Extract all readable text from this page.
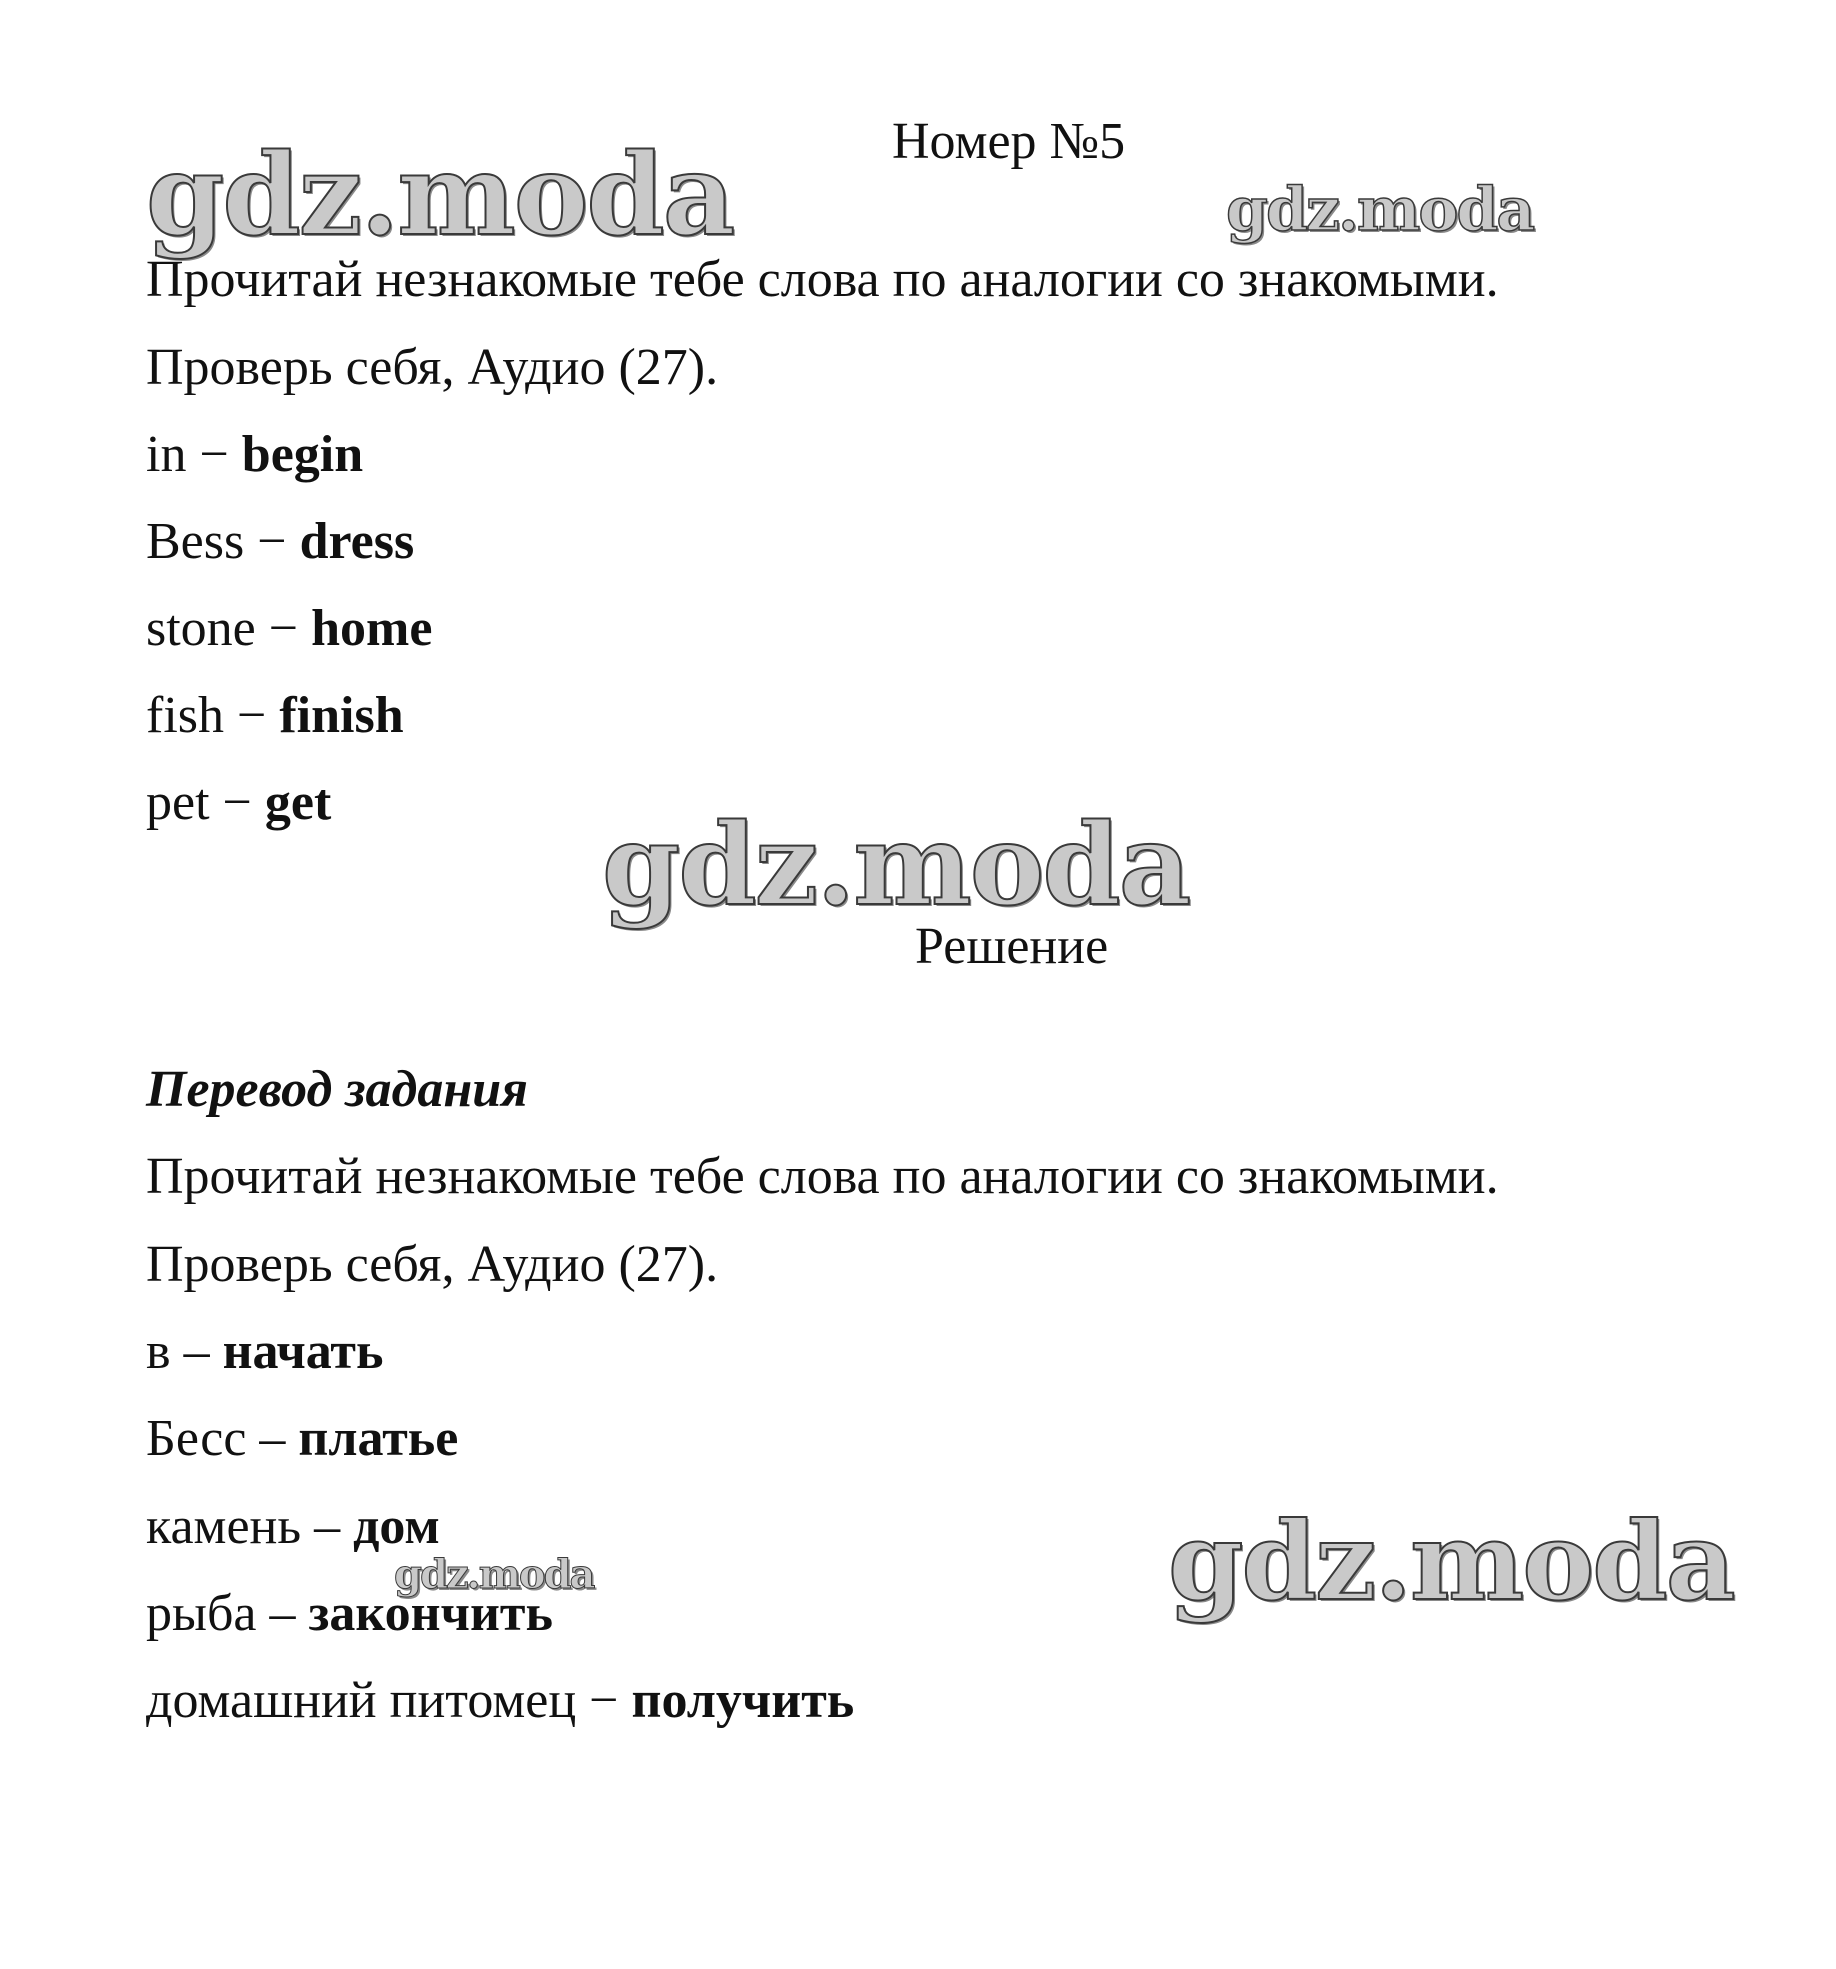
gdz.moda	gdz.moda
gdz.moda
gdz.moda	gdz.moda
Номер №5
Прочитай незнакомые тебе слова по аналогии со знакомыми.
Проверь себя, Аудио (27).
in − begin
Bess − dress
stone − home
fish − finish
pet − get
Решение
Перевод задания
Прочитай незнакомые тебе слова по аналогии со знакомыми.
Проверь себя, Аудио (27).
в – начать
Бесс – платье
камень – дом
рыба – закончить
домашний питомец − получить
